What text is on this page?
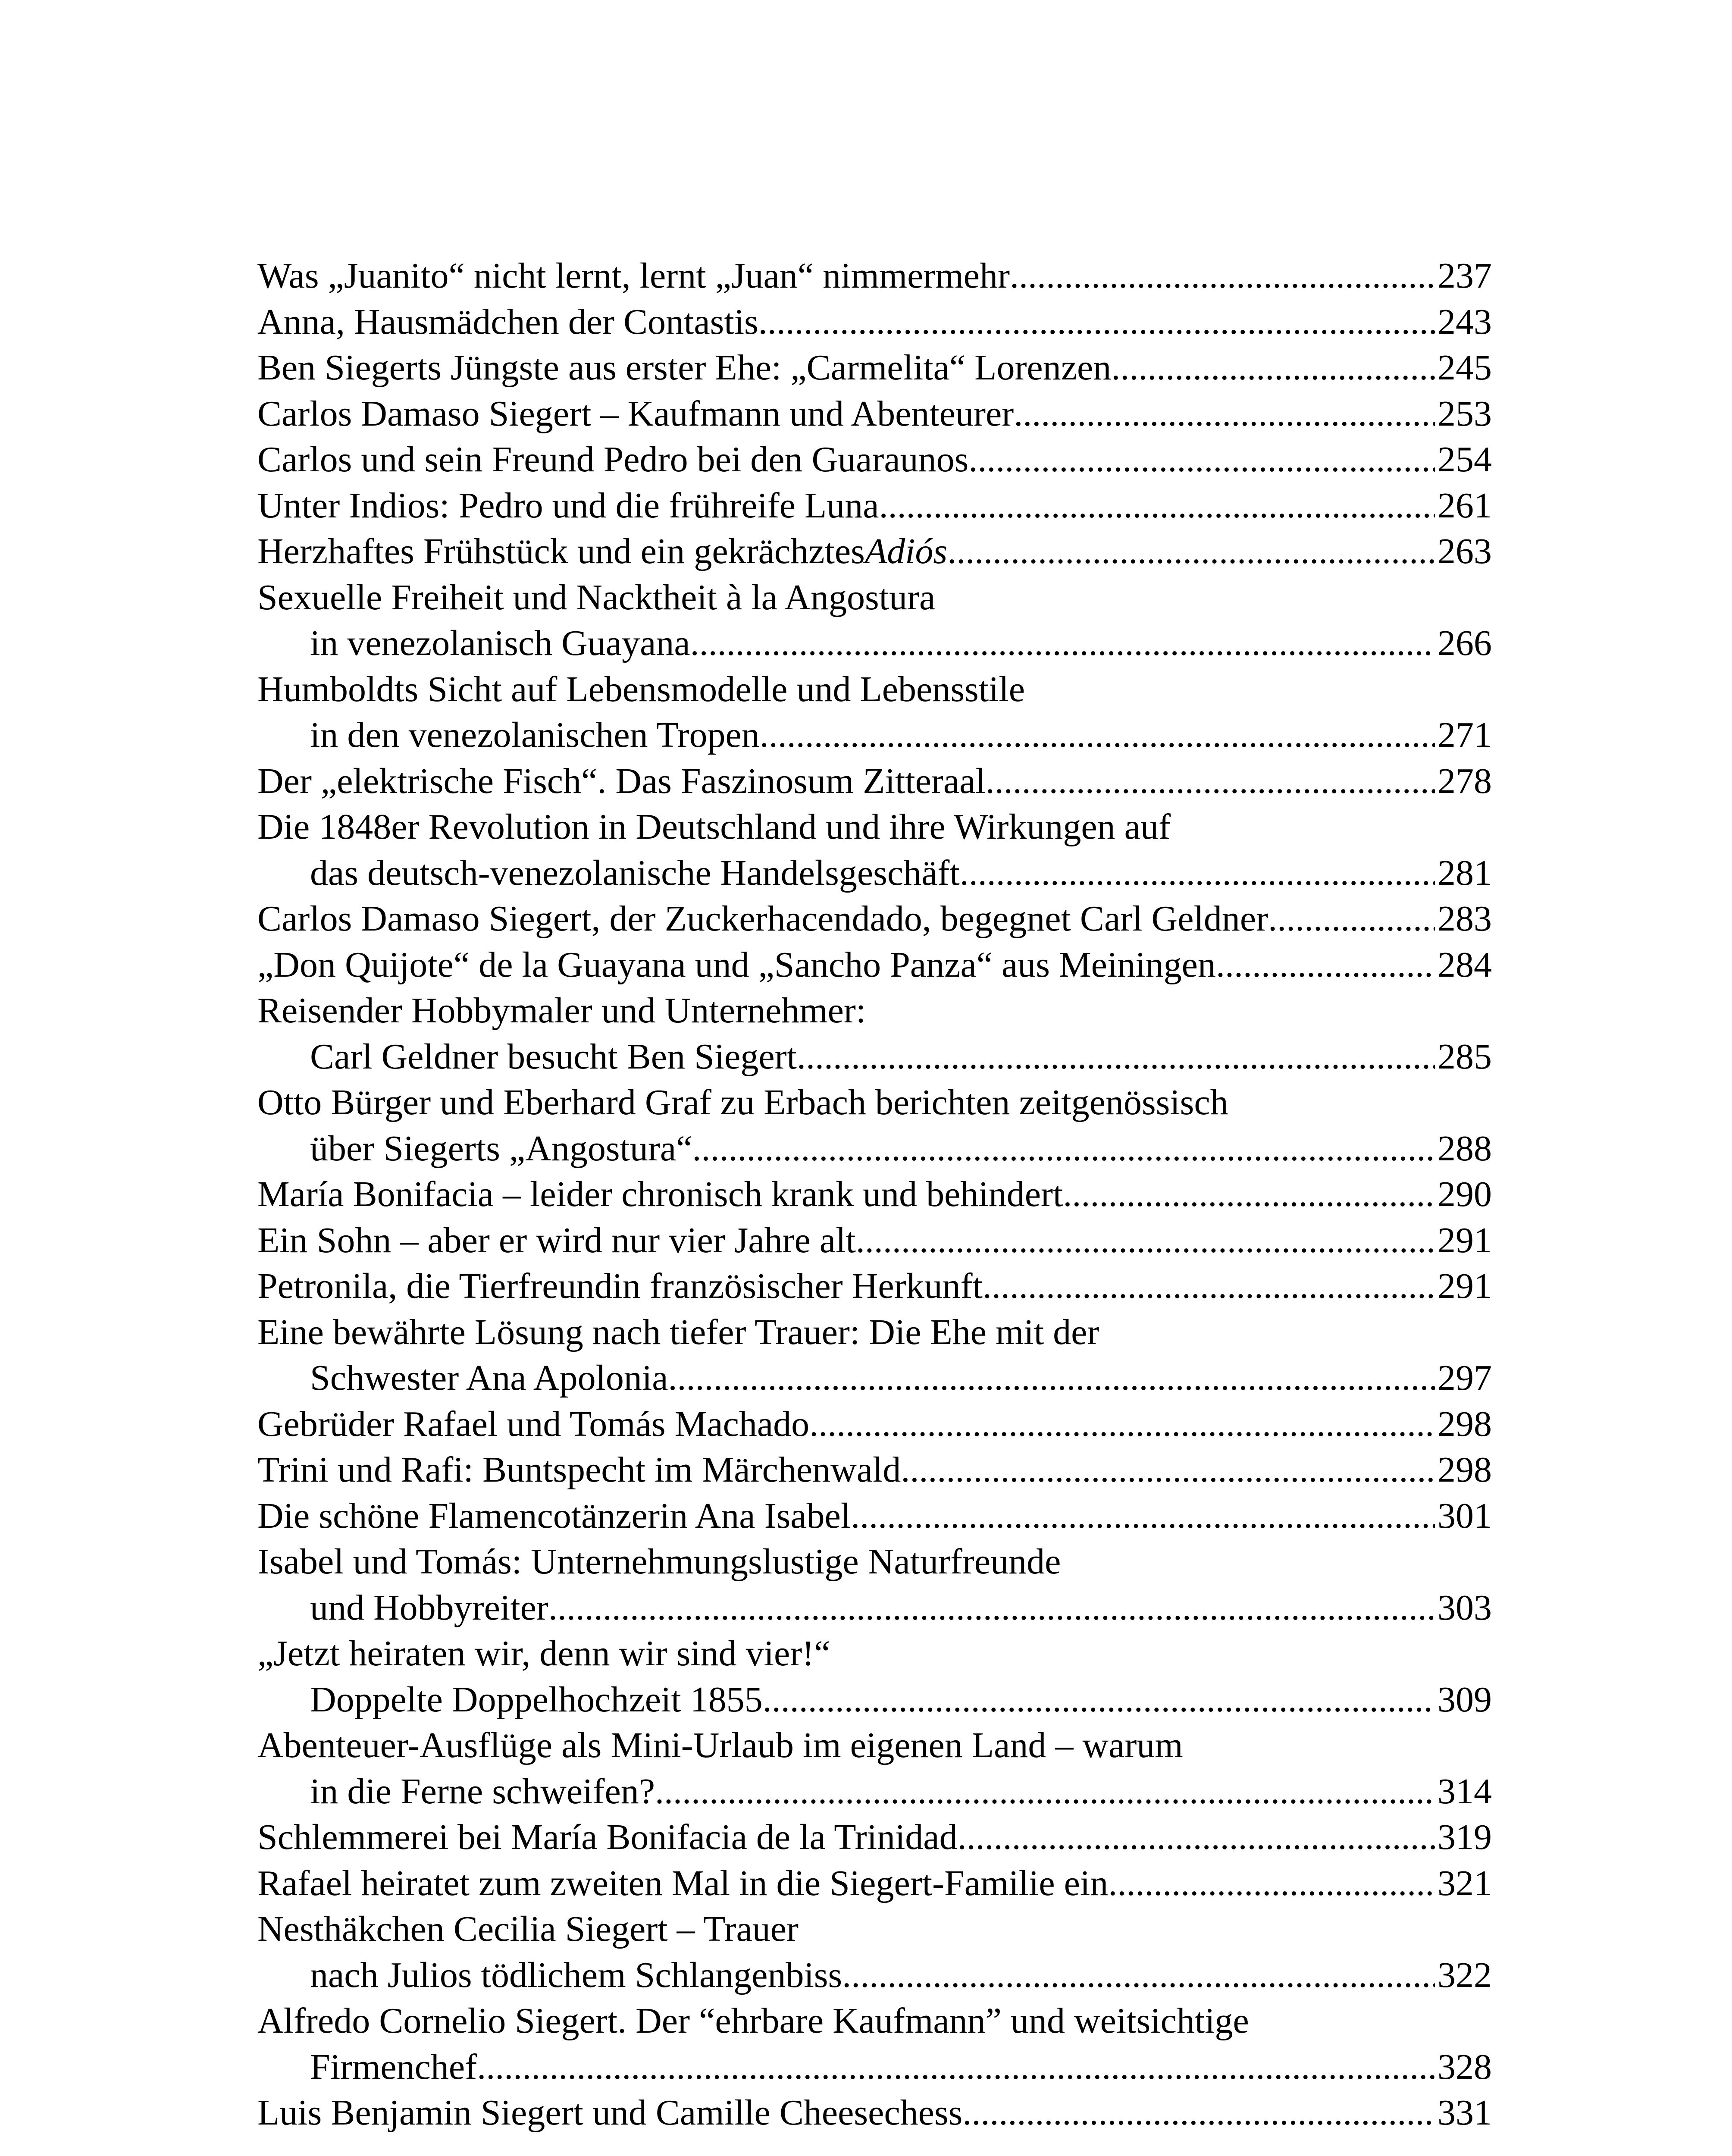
Was „Juanito“ nicht lernt, lernt „Juan“ nimmermehr .....	237
Anna, Hausmädchen der Contastis .....	243
Ben Siegerts Jüngste aus erster Ehe: „Carmelita“ Lorenzen .....	245
Carlos Damaso Siegert – Kaufmann und Abenteurer .....	253
Carlos und sein Freund Pedro bei den Guaraunos .....	254
Unter Indios: Pedro und die frühreife Luna .....	261
Herzhaftes Frühstück und ein gekrächztes Adiós .....	263
Sexuelle Freiheit und Nacktheit à la Angostura
in venezolanisch Guayana .....	266
Humboldts Sicht auf Lebensmodelle und Lebensstile
in den venezolanischen Tropen .....	271
Der „elektrische Fisch“. Das Faszinosum Zitteraal .....	278
Die 1848er Revolution in Deutschland und ihre Wirkungen auf
das deutsch-venezolanische Handelsgeschäft .....	281
Carlos Damaso Siegert, der Zuckerhacendado, begegnet Carl Geldner .....	283
„Don Quijote“ de la Guayana und „Sancho Panza“ aus Meiningen .....	284
Reisender Hobbymaler und Unternehmer:
Carl Geldner besucht Ben Siegert .....	285
Otto Bürger und Eberhard Graf zu Erbach berichten zeitgenössisch
über Siegerts „Angostura“ .....	288
María Bonifacia – leider chronisch krank und behindert .....	290
Ein Sohn – aber er wird nur vier Jahre alt .....	291
Petronila, die Tierfreundin französischer Herkunft .....	291
Eine bewährte Lösung nach tiefer Trauer: Die Ehe mit der
Schwester Ana Apolonia .....	297
Gebrüder Rafael und Tomás Machado .....	298
Trini und Rafi: Buntspecht im Märchenwald .....	298
Die schöne Flamencotänzerin Ana Isabel .....	301
Isabel und Tomás: Unternehmungslustige Naturfreunde
und Hobbyreiter .....	303
„Jetzt heiraten wir, denn wir sind vier!“
Doppelte Doppelhochzeit 1855 .....	309
Abenteuer-Ausflüge als Mini-Urlaub im eigenen Land – warum
in die Ferne schweifen? .....	314
Schlemmerei bei María Bonifacia de la Trinidad .....	319
Rafael heiratet zum zweiten Mal in die Siegert-Familie ein .....	321
Nesthäkchen Cecilia Siegert – Trauer
nach Julios tödlichem Schlangenbiss .....	322
Alfredo Cornelio Siegert. Der “ehrbare Kaufmann” und weitsichtige
Firmenchef .....	328
Luis Benjamin Siegert und Camille Cheesechess .....	331
